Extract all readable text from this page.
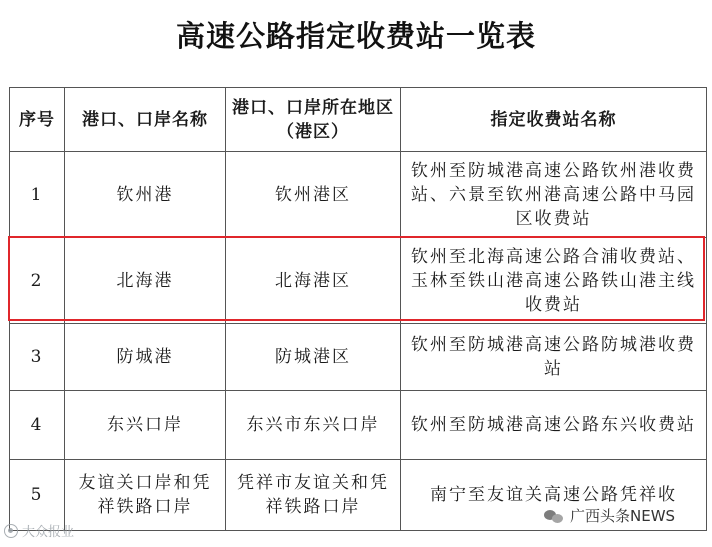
高速公路指定收费站一览表
序号	港口、口岸名称	港口、口岸所在地区（港区）	指定收费站名称
1	钦州港	钦州港区	钦州至防城港高速公路钦州港收费站、六景至钦州港高速公路中马园区收费站
2	北海港	北海港区	钦州至北海高速公路合浦收费站、玉林至铁山港高速公路铁山港主线收费站
3	防城港	防城港区	钦州至防城港高速公路防城港收费站
4	东兴口岸	东兴市东兴口岸	钦州至防城港高速公路东兴收费站
5	友谊关口岸和凭祥铁路口岸	凭祥市友谊关和凭祥铁路口岸	南宁至友谊关高速公路凭祥收
大众报业
广西头条NEWS
